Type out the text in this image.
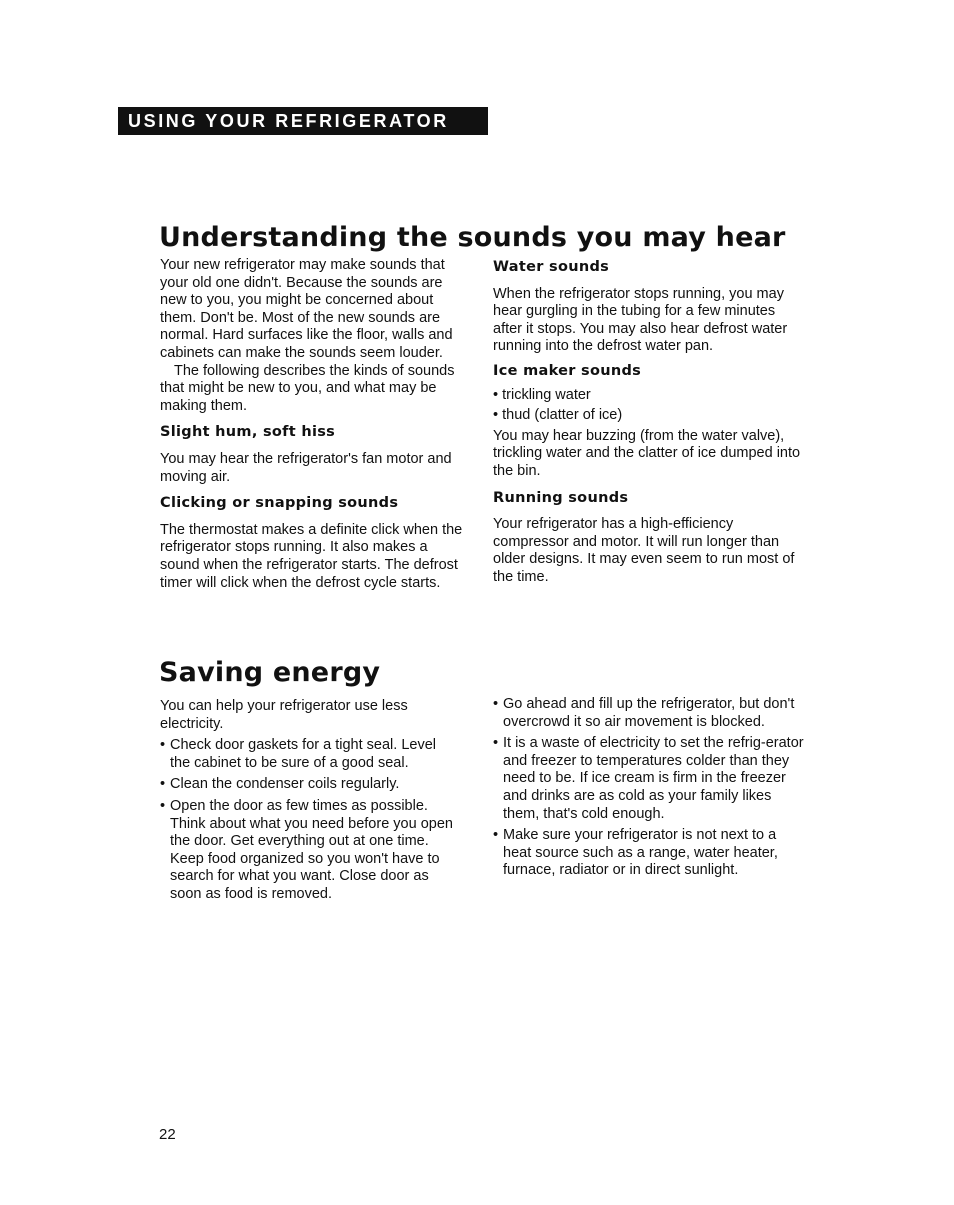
USING YOUR REFRIGERATOR
Understanding the sounds you may hear

Your new refrigerator may make sounds that your old one didn't. Because the sounds are new to you, you might be concerned about them. Don't be. Most of the new sounds are normal. Hard surfaces like the floor, walls and cabinets can make the sounds seem louder.

The following describes the kinds of sounds that might be new to you, and what may be making them.

Slight hum, soft hiss

You may hear the refrigerator's fan motor and moving air.

Clicking or snapping sounds

The thermostat makes a definite click when the refrigerator stops running. It also makes a sound when the refrigerator starts. The defrost timer will click when the defrost cycle starts.

Water sounds

When the refrigerator stops running, you may hear gurgling in the tubing for a few minutes after it stops. You may also hear defrost water running into the defrost water pan.

Ice maker sounds
• trickling water
• thud (clatter of ice)

You may hear buzzing (from the water valve), trickling water and the clatter of ice dumped into the bin.

Running sounds

Your refrigerator has a high-efficiency compressor and motor. It will run longer than older designs. It may even seem to run most of the time.

Saving energy

You can help your refrigerator use less electricity.

• Check door gaskets for a tight seal. Level the cabinet to be sure of a good seal.
• Clean the condenser coils regularly.
• Open the door as few times as possible. Think about what you need before you open the door. Get everything out at one time. Keep food organized so you won't have to search for what you want. Close door as soon as food is removed.
• Go ahead and fill up the refrigerator, but don't overcrowd it so air movement is blocked.
• It is a waste of electricity to set the refrig-erator and freezer to temperatures colder than they need to be. If ice cream is firm in the freezer and drinks are as cold as your family likes them, that's cold enough.
• Make sure your refrigerator is not next to a heat source such as a range, water heater, furnace, radiator or in direct sunlight.
22
